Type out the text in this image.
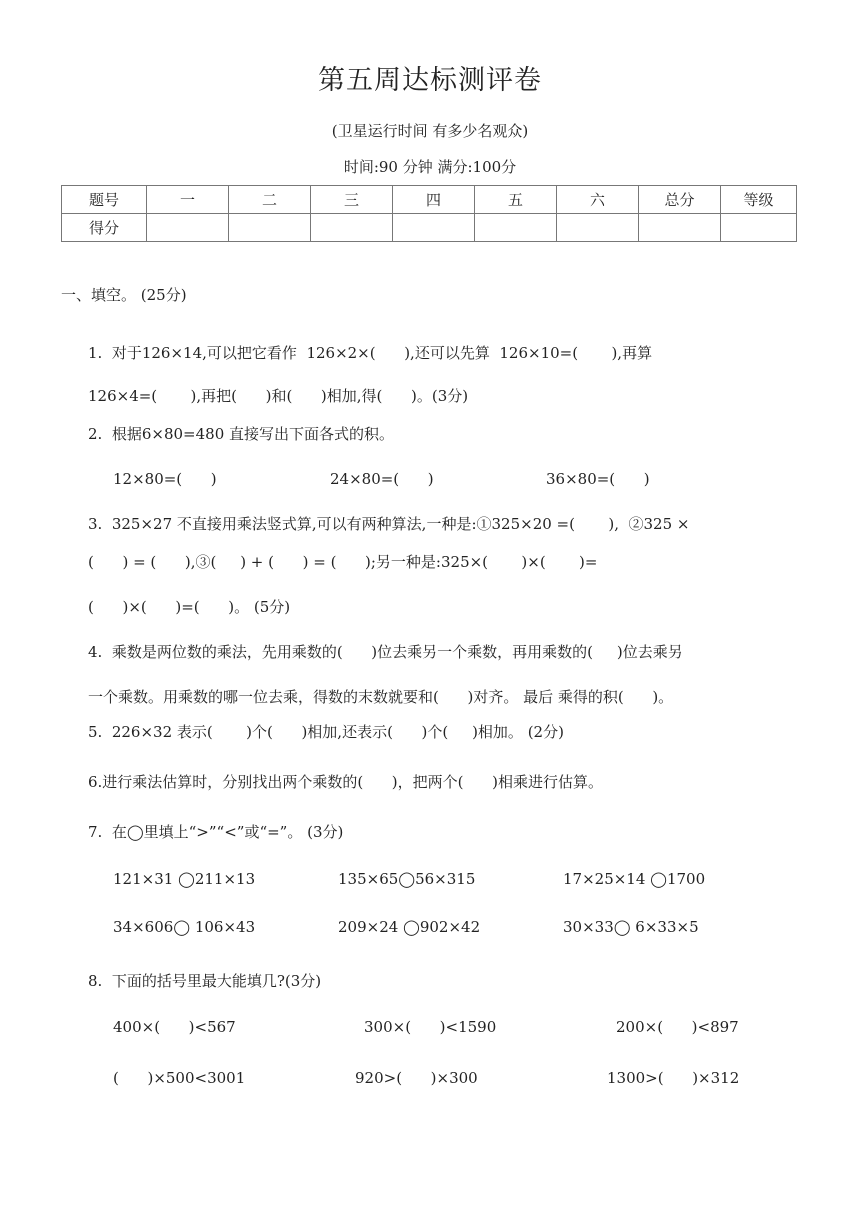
第五周达标测评卷
(卫星运行时间 有多少名观众)
时间:90 分钟 满分:100分
题号	一	二	三	四	五	六	总分	等级
得分								
一、填空。 (25分)
1.  对于126×14,可以把它看作  126×2×(      ),还可以先算  126×10=(       ),再算
126×4=(       ),再把(      )和(      )相加,得(      )。(3分)
2.  根据6×80=480 直接写出下面各式的积。
12×80=(      )	24×80=(      )	36×80=(      )
3.  325×27 不直接用乘法竖式算,可以有两种算法,一种是:①325×20 =(       ),  ②325 ×
(      ) = (      ),③(     ) + (      ) = (      );另一种是:325×(       )×(       )=
(      )×(      )=(      )。 (5分)
4.  乘数是两位数的乘法，先用乘数的(      )位去乘另一个乘数，再用乘数的(     )位去乘另
一个乘数。用乘数的哪一位去乘，得数的末数就要和(      )对齐。 最后 乘得的积(      )。
5.  226×32 表示(       )个(      )相加,还表示(      )个(     )相加。 (2分)
6.进行乘法估算时，分别找出两个乘数的(      )，把两个(      )相乘进行估算。
7.  在◯里填上“>”“<”或“=”。 (3分)
121×31 ◯211×13	135×65◯56×315	17×25×14 ◯1700
34×606◯ 106×43	209×24 ◯902×42	30×33◯ 6×33×5
8.  下面的括号里最大能填几?(3分)
400×(      )<567	300×(      )<1590	200×(      )<897
(      )×500<3001	920>(      )×300	1300>(      )×312
